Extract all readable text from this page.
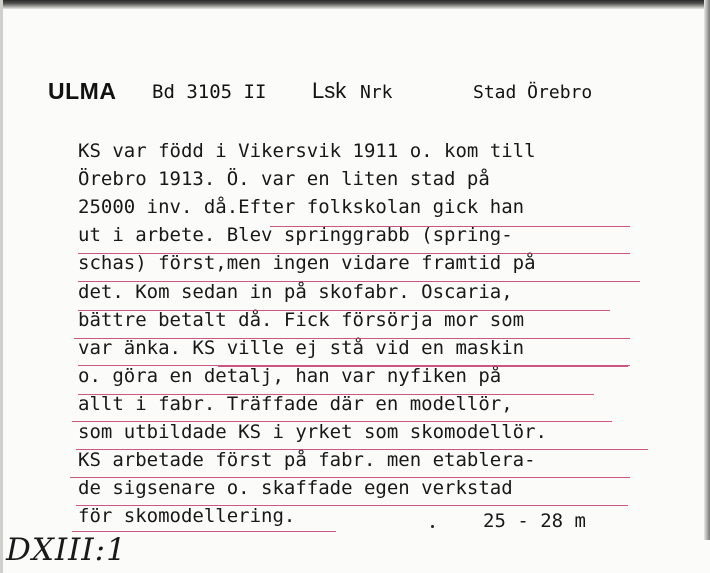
ULMA Bd 3105 II Lsk Nrk	Stad Örebro
KS var född i Vikersvik 1911 o. kom till
Örebro 1913. Ö. var en liten stad på
25000 inv. då.Efter folkskolan gick han
ut i arbete. Blev springgrabb (spring-
schas) först,men ingen vidare framtid på
det. Kom sedan in på skofabr. Oscaria,
bättre betalt då. Fick försörja mor som
var änka. KS ville ej stå vid en maskin
o. göra en detalj, han var nyfiken på
allt i fabr. Träffade där en modellör,
som utbildade KS i yrket som skomodellör.
KS arbetade först på fabr. men etablera-
de sigsenare o. skaffade egen verkstad
för skomodellering.	25 - 28 m
DXIII:1
